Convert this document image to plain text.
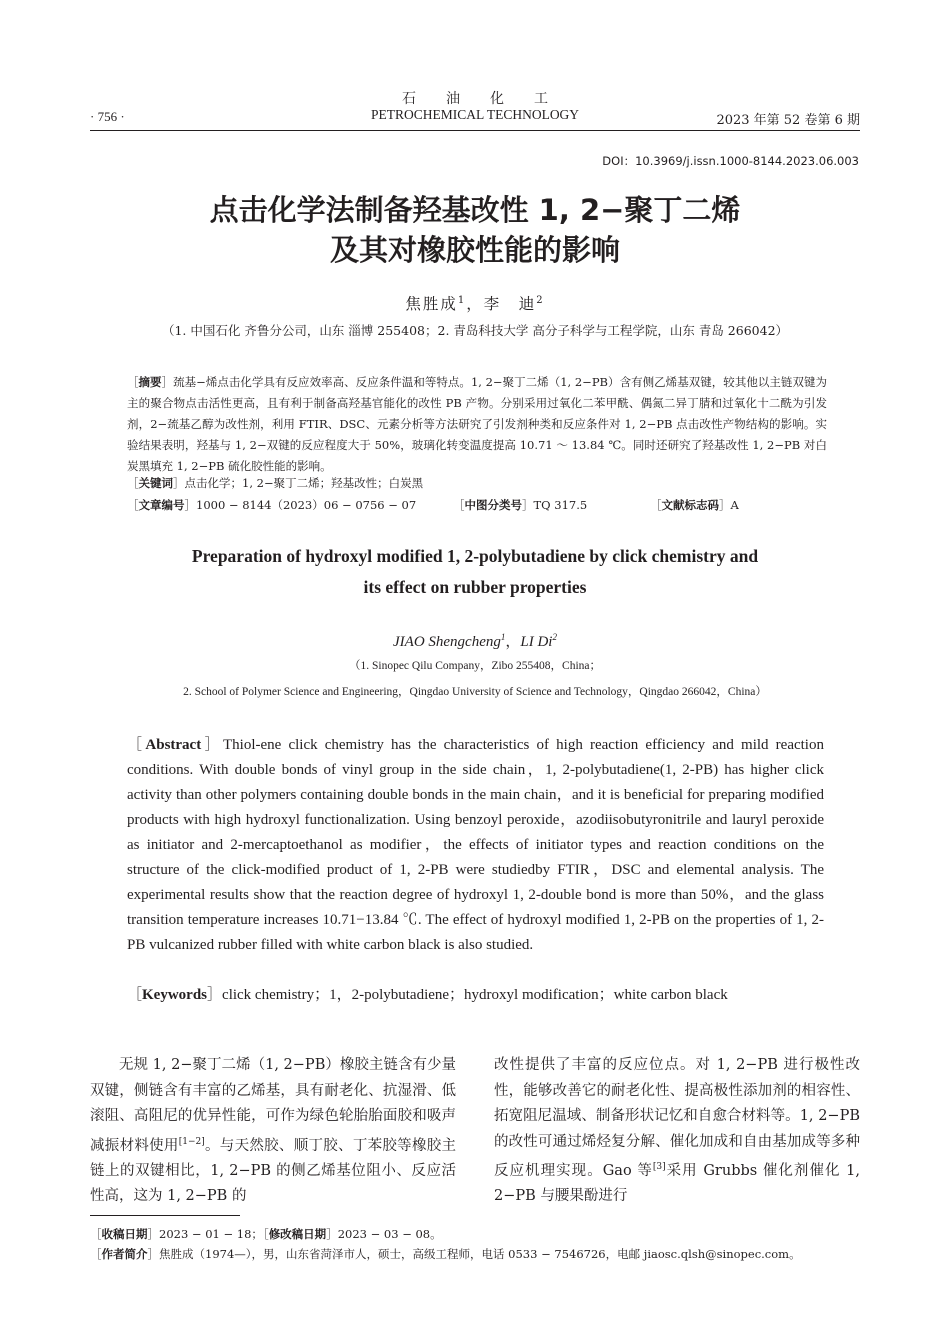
石油化工
PETROCHEMICAL TECHNOLOGY
· 756 ·	2023 年第 52 卷第 6 期
DOI：10.3969/j.issn.1000-8144.2023.06.003
点击化学法制备羟基改性 1, 2−聚丁二烯
及其对橡胶性能的影响
焦胜成$^1$，李　迪$^2$
（1. 中国石化 齐鲁分公司，山东 淄博 255408；2. 青岛科技大学 高分子科学与工程学院，山东 青岛 266042）
［摘要］巯基−烯点击化学具有反应效率高、反应条件温和等特点。1, 2−聚丁二烯（1, 2−PB）含有侧乙烯基双键，较其他以主链双键为主的聚合物点击活性更高，且有利于制备高羟基官能化的改性 PB 产物。分别采用过氧化二苯甲酰、偶氮二异丁腈和过氧化十二酰为引发剂，2−巯基乙醇为改性剂，利用 FTIR、DSC、元素分析等方法研究了引发剂种类和反应条件对 1, 2−PB 点击改性产物结构的影响。实验结果表明，羟基与 1, 2−双键的反应程度大于 50%，玻璃化转变温度提高 10.71 ～ 13.84 ℃。同时还研究了羟基改性 1, 2−PB 对白炭黑填充 1, 2−PB 硫化胶性能的影响。
［关键词］点击化学；1, 2−聚丁二烯；羟基改性；白炭黑
［文章编号］1000 − 8144（2023）06 − 0756 − 07	［中图分类号］TQ 317.5	［文献标志码］A
Preparation of hydroxyl modified 1, 2-polybutadiene by click chemistry and
its effect on rubber properties
JIAO Shengcheng$^1$，LI Di$^2$
（1. Sinopec Qilu Company，Zibo 255408，China；
2. School of Polymer Science and Engineering，Qingdao University of Science and Technology，Qingdao 266042，China）
［Abstract］Thiol-ene click chemistry has the characteristics of high reaction efficiency and mild reaction conditions. With double bonds of vinyl group in the side chain，1, 2-polybutadiene(1, 2-PB) has higher click activity than other polymers containing double bonds in the main chain，and it is beneficial for preparing modified products with high hydroxyl functionalization. Using benzoyl peroxide，azodiisobutyronitrile and lauryl peroxide as initiator and 2-mercaptoethanol as modifier，the effects of initiator types and reaction conditions on the structure of the click-modified product of 1, 2-PB were studiedby FTIR，DSC and elemental analysis. The experimental results show that the reaction degree of hydroxyl 1, 2-double bond is more than 50%，and the glass transition temperature increases 10.71−13.84 ℃. The effect of hydroxyl modified 1, 2-PB on the properties of 1, 2-PB vulcanized rubber filled with white carbon black is also studied.
［Keywords］click chemistry；1，2-polybutadiene；hydroxyl modification；white carbon black
无规 1, 2−聚丁二烯（1, 2−PB）橡胶主链含有少量双键，侧链含有丰富的乙烯基，具有耐老化、抗湿滑、低滚阻、高阻尼的优异性能，可作为绿色轮胎胎面胶和吸声减振材料使用[1−2]。与天然胶、顺丁胶、丁苯胶等橡胶主链上的双键相比，1, 2−PB 的侧乙烯基位阻小、反应活性高，这为 1, 2−PB 的
改性提供了丰富的反应位点。对 1, 2−PB 进行极性改性，能够改善它的耐老化性、提高极性添加剂的相容性、拓宽阻尼温域、制备形状记忆和自愈合材料等。1, 2−PB 的改性可通过烯烃复分解、催化加成和自由基加成等多种反应机理实现。Gao 等[3]采用 Grubbs 催化剂催化 1, 2−PB 与腰果酚进行
［收稿日期］2023 − 01 − 18；［修改稿日期］2023 − 03 − 08。
［作者简介］焦胜成（1974—），男，山东省菏泽市人，硕士，高级工程师，电话 0533 − 7546726，电邮 jiaosc.qlsh@sinopec.com。
